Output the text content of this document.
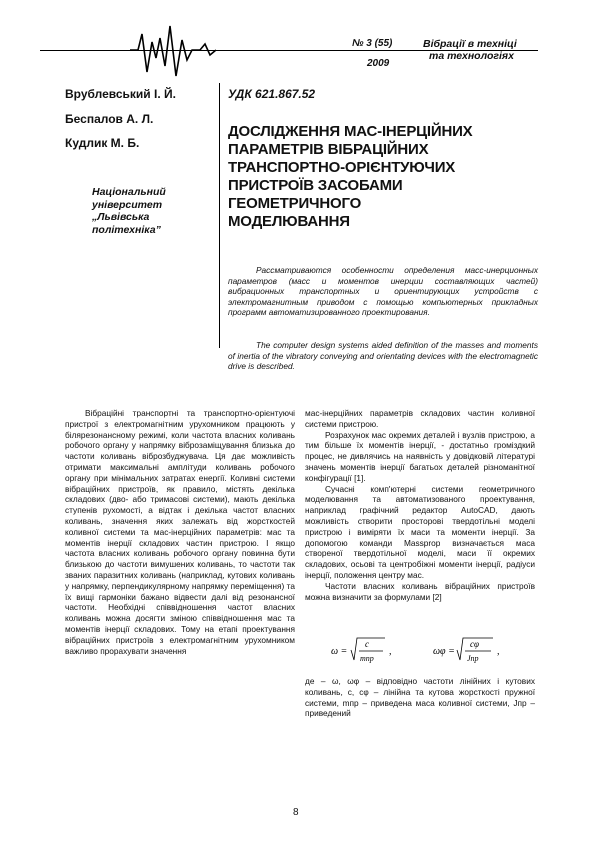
№ 3 (55)
2009
Вібрації в техніці
та технологіях
Врублевський І. Й.
Беспалов А. Л.
Кудлик М. Б.
Національний
університет
„Львівська
політехніка”
УДК 621.867.52
ДОСЛІДЖЕННЯ МАС-ІНЕРЦІЙНИХ
ПАРАМЕТРІВ ВІБРАЦІЙНИХ
ТРАНСПОРТНО-ОРІЄНТУЮЧИХ
ПРИСТРОЇВ ЗАСОБАМИ
ГЕОМЕТРИЧНОГО
МОДЕЛЮВАННЯ

Рассматриваются особенности определения масс-инерционных параметров (масс и моментов инерции составляющих частей) вибрационных транспортных и ориентирующих устройств с электромагнитным приводом с помощью компьютерных прикладных программ автоматизированного проектирования.

The computer design systems aided definition of the masses and moments of inertia of the vibratory conveying and orientating devices with the electromagnetic drive is described.

Вібраційні транспортні та транспортно-орієнтуючі пристрої з електромагнітним урухомником працюють у білярезонансному режимі, коли частота власних коливань робочого органу у напрямку віброзаміщування близька до частоти коливань віброзбуджувача. Ця дає можливість отримати максимальні амплітуди коливань робочого органу при мінімальних затратах енергії. Коливні системи вібраційних пристроїв, як правило, містять декілька складових (дво- або тримасові системи), мають декілька ступенів рухомості, а відтак і декілька частот власних коливань, значення яких залежать від жорсткостей коливної системи та мас-інерційних параметрів: мас та моментів інерції складових частин пристрою. І якщо частота власних коливань робочого органу повинна бути близькою до частоти вимушених коливань, то частоти так званих паразитних коливань (наприклад, кутових коливань у напрямку, перпендикулярному напрямку переміщення) та їх вищі гармоніки бажано відвести далі від резонансної частоти. Необхідні співвідношення частот власних коливань можна досягти зміною співвідношення мас та моментів інерції складових. Тому на етапі проектування вібраційних пристроїв з електромагнітним урухомником важливо прорахувати значення

мас-інерційних параметрів складових частин коливної системи пристрою.

Розрахунок мас окремих деталей і вузлів пристрою, а тим більше їх моментів інерції, - достатньо громіздкий процес, не дивлячись на наявність у довідковій літературі значень моментів інерції багатьох деталей різноманітної конфігурації [1].

Сучасні комп'ютерні системи геометричного моделювання та автоматизованого проектування, наприклад графічний редактор AutoCAD, дають можливість створити просторові твердотільні моделі пристрою і виміряти їх маси та моменти інерції. За допомогою команди Massprop визначається маса створеної твердотільної моделі, маси її окремих складових, осьові та центробіжні моменти інерції, радіуси інерції, положення центру мас.

Частоти власних коливань вібраційних пристроїв можна визначити за формулами [2]

ω =
c
mпр
,	ωφ =
cφ
Jпр
,

де – ω, ωφ – відповідно частоти лінійних і кутових коливань, c, cφ – лінійна та кутова жорсткості пружної системи, mпр – приведена маса коливної системи, Jпр – приведений

8
